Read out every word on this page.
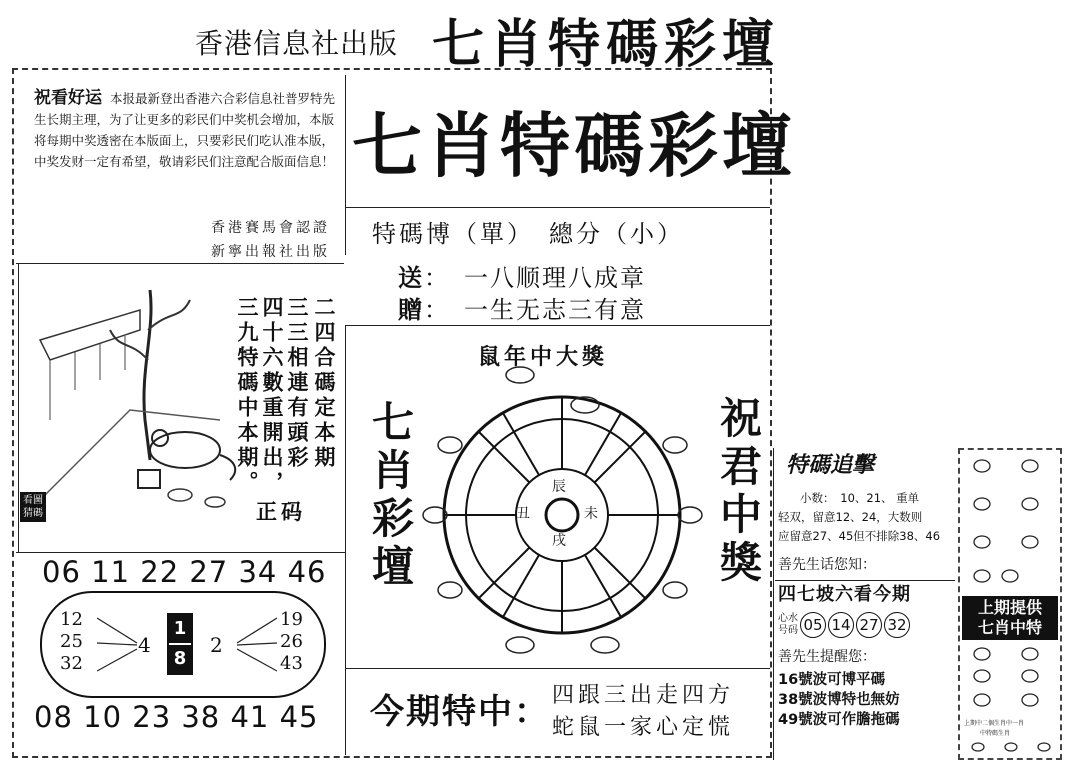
香港信息社出版 七肖特碼彩壇
祝看好运 本报最新登出香港六合彩信息社普罗特先生长期主理，为了让更多的彩民们中奖机会增加，本版将每期中奖透密在本版面上，只要彩民们吃认准本版，中奖发财一定有希望，敬请彩民们注意配合版面信息！
香港賽馬會認證
新寧出報社出版
七肖特碼彩壇
特碼博（單）　總分（小）
送： 一八顺理八成章
贈： 一生无志三有意
看圖猜碼
二四合碼定本期
三三相連有頭彩
四十六數重開出，
三九特碼中本期。
正码
06 11 22 27 34 46
12
25
32
4
1
8
2
19
26
43
08 10 23 38 41 45
鼠年中大獎
七肖彩壇	祝君中獎
辰
未
丑
戌
今期特中： 四跟三出走四方
蛇鼠一家心定慌
特碼追擊
小数：　10、21、 重单
轻双，留意12、24，大数则
应留意27、45但不排除38、46
善先生话您知：
四七坡六看今期
心水号码 05 14 27 32
善先生提醒您：
16號波可博平碼
38號波博特也無妨
49號波可作膽拖碼
上期提供
七肖中特
上期中二個生肖中一肖
中特碼生肖
